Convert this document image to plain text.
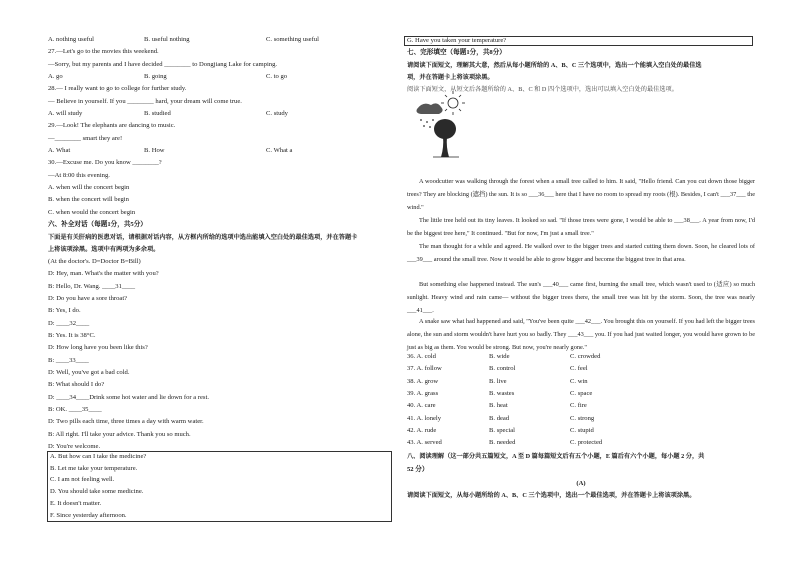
A. nothing useful	B. useful nothing	C. something useful
27.—Let's go to the movies this weekend.
—Sorry, but my parents and I have decided ________ to Dongjiang Lake for camping.
A. go	B. going	C. to go
28.— I really want to go to college for further study.
— Believe in yourself. If you ________ hard, your dream will come true.
A. will study	B. studied	C. study
29.—Look! The elephants are dancing to music.
—________ smart they are!
A. What	B. How	C. What a
30.—Excuse me. Do you know ________?
—At 8:00 this evening.
A. when will the concert begin
B. when the concert will begin
C. when would the concert begin
六、补全对话（每题1分，共5分）
下面是有关肝病的医患对话，请根据对话内容，从方框内所给的选项中选出能填入空白处的最佳选项，并在答题卡
上将该项涂黑。选项中有两项为多余项。
(At the doctor's. D=Doctor B=Bill)
D: Hey, man. What's the matter with you?
B: Hello, Dr. Wang. ____31____
D: Do you have a sore throat?
B: Yes, I do.
D: ____32____
B: Yes. It is 38°C.
D: How long have you been like this?
B: ____33____
D: Well, you've got a bad cold.
B: What should I do?
D: ____34____Drink some hot water and lie down for a rest.
B: OK. ____35____
D: Two pills each time, three times a day with warm water.
B: All right. I'll take your advice. Thank you so much.
D: You're welcome.
A. But how can I take the medicine?
B. Let me take your temperature.
C. I am not feeling well.
D. You should take some medicine.
E. It doesn't matter.
F. Since yesterday afternoon.
G. Have you taken your temperature?
七、完形填空（每题1分，共8分）
请阅读下面短文，理解其大意，然后从每小题所给的 A、B、C 三个选项中，选出一个能填入空白处的最佳选
项，并在答题卡上将该项涂黑。
阅读下面短文，从短文后各题所给的 A、B、C 和 D 四个选项中，选出可以填入空白处的最佳选项。
A woodcutter was walking through the forest when a small tree called to him. It said, "Hello friend. Can you cut down those bigger trees? They are blocking (遮挡) the sun. It is so ___36___ here that I have no room to spread my roots (根). Besides, I can't ___37___ the wind."
The little tree held out its tiny leaves. It looked so sad. "If those trees were gone, I would be able to ___38___. A year from now, I'd be the biggest tree here," It continued. "But for now, I'm just a small tree."
The man thought for a while and agreed. He walked over to the bigger trees and started cutting them down. Soon, he cleared lots of ___39___ around the small tree. Now it would be able to grow bigger and become the biggest tree in that area.
But something else happened instead. The sun's ___40___ came first, burning the small tree, which wasn't used to (适应) so much sunlight. Heavy wind and rain came— without the bigger trees there, the small tree was hit by the storm. Soon, the tree was nearly ___41___.
A snake saw what had happened and said, "You've been quite ___42___. You brought this on yourself. If you had left the bigger trees alone, the sun and storm wouldn't have hurt you so badly. They ___43___ you. If you had just waited longer, you would have grown to be just as big as them. You would be strong. But now, you're nearly gone."
36. A. cold	B. wide	C. crowded
37. A. follow	B. control	C. feel
38. A. grow	B. live	C. win
39. A. grass	B. wastes	C. space
40. A. care	B. heat	C. fire
41. A. lonely	B. dead	C. strong
42. A. rude	B. special	C. stupid
43. A. served	B. needed	C. protected
八、阅读理解（这一部分共五篇短文，A 至 D 篇每篇短文后有五个小题，E 篇后有六个小题，每小题 2 分，共
52 分）
(A)
请阅读下面短文，从每小题所给的 A、B、C 三个选项中，选出一个最佳选项，并在答题卡上将该项涂黑。
